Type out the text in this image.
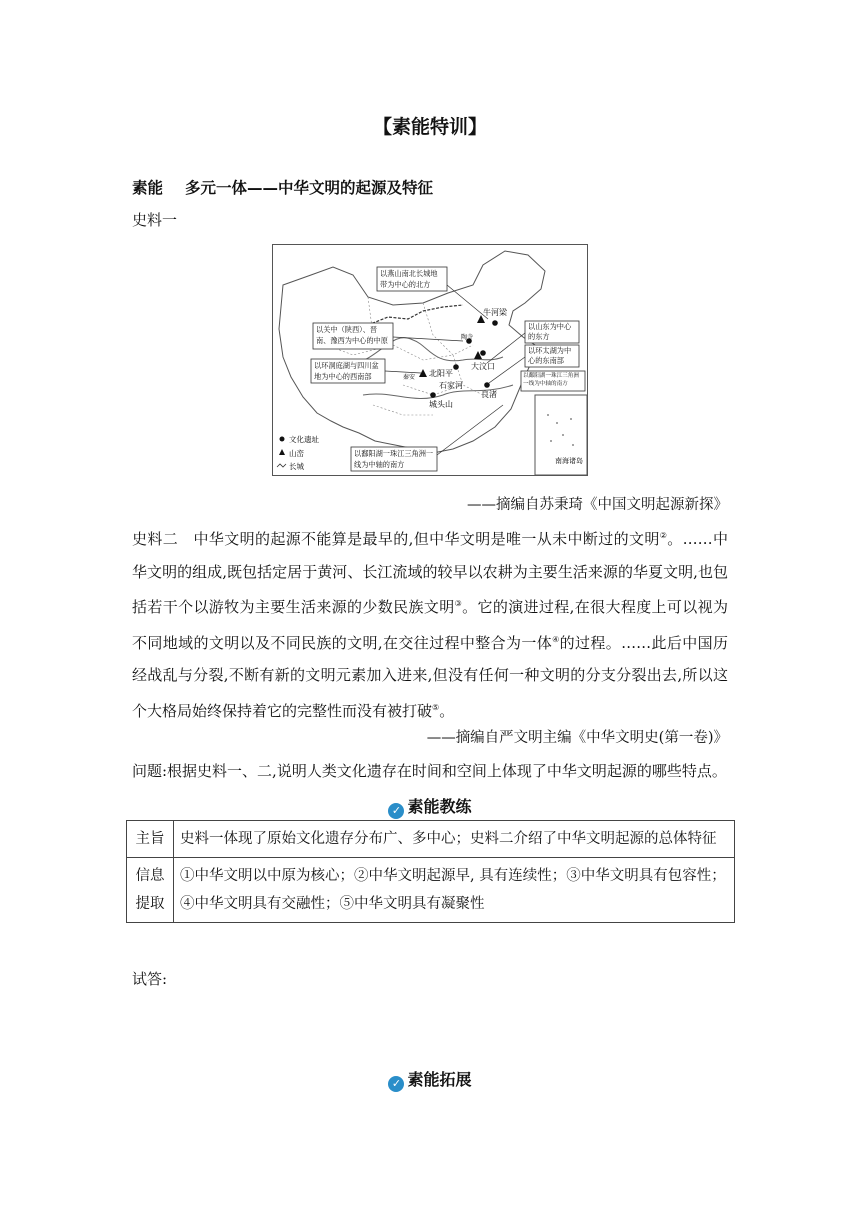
【素能特训】
素能 多元一体——中华文明的起源及特征
史料一
南海诸岛
牛河梁
北阳平
石家河
城头山
大汶口
良渚
陶寺
秦安
以燕山南北长城地带为中心的北方
以关中（陕西）、晋南、豫西为中心的中原
以环洞庭湖与四川盆地为中心的西南部
以山东为中心的东方
以环太湖为中心的东南部
以鄱阳湖一珠江三角洲一线为中轴的南方
以鄱阳湖一珠江三角洲一线为中轴的南方
文化遗址
山峦
长城
——摘编自苏秉琦《中国文明起源新探》
史料二  中华文明的起源不能算是最早的,但中华文明是唯一从未中断过的文明②。……中华文明的组成,既包括定居于黄河、长江流域的较早以农耕为主要生活来源的华夏文明,也包括若干个以游牧为主要生活来源的少数民族文明③。它的演进过程,在很大程度上可以视为不同地域的文明以及不同民族的文明,在交往过程中整合为一体④的过程。……此后中国历经战乱与分裂,不断有新的文明元素加入进来,但没有任何一种文明的分支分裂出去,所以这个大格局始终保持着它的完整性而没有被打破⑤。
——摘编自严文明主编《中华文明史(第一卷)》
问题:根据史料一、二,说明人类文化遗存在时间和空间上体现了中华文明起源的哪些特点。
✓ 素能教练
主旨	史料一体现了原始文化遗存分布广、多中心；史料二介绍了中华文明起源的总体特征
信息提取	①中华文明以中原为核心；②中华文明起源早, 具有连续性；③中华文明具有包容性；④中华文明具有交融性；⑤中华文明具有凝聚性
试答:
✓ 素能拓展
